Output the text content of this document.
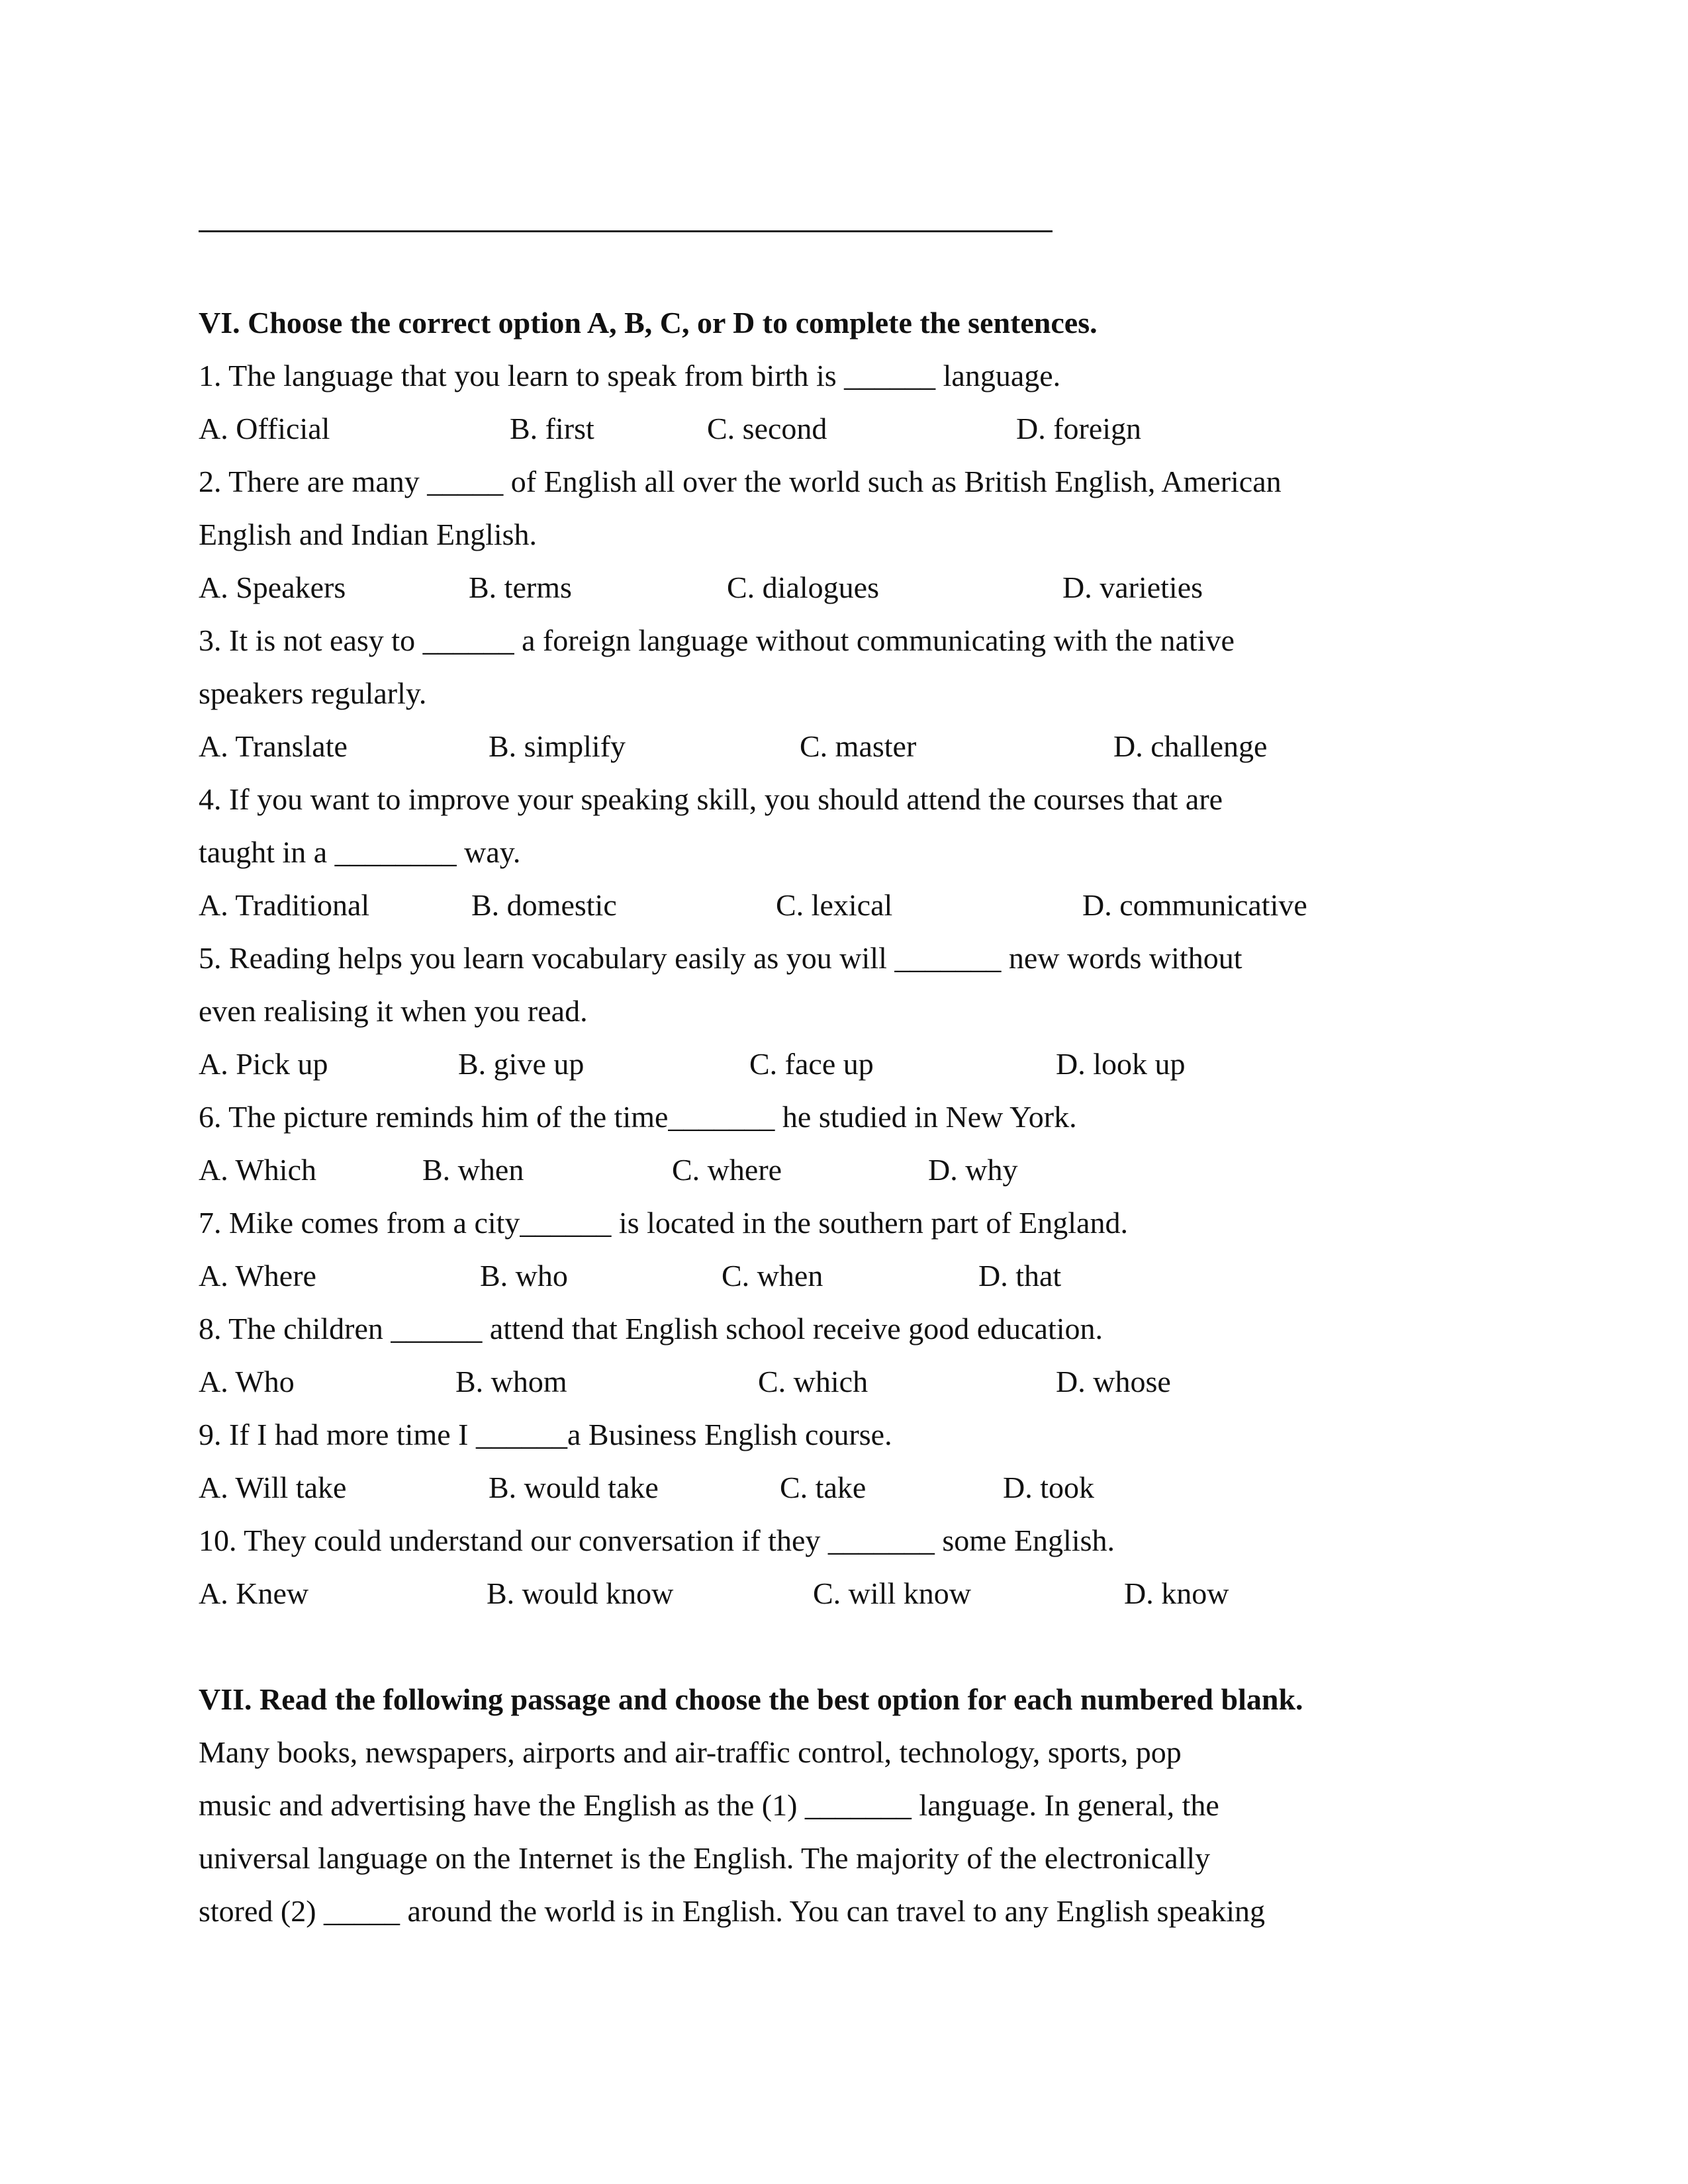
VI. Choose the correct option A, B, C, or D to complete the sentences.
1. The language that you learn to speak from birth is ______ language.
A. Official	B. first	C. second	D. foreign
2. There are many _____ of English all over the world such as British English, American
English and Indian English.
A. Speakers	B. terms	C. dialogues	D. varieties
3. It is not easy to ______ a foreign language without communicating with the native
speakers regularly.
A. Translate	B. simplify	C. master	D. challenge
4. If you want to improve your speaking skill, you should attend the courses that are
taught in a ________ way.
A. Traditional	B. domestic	C. lexical	D. communicative
5. Reading helps you learn vocabulary easily as you will _______ new words without
even realising it when you read.
A. Pick up	B. give up	C. face up	D. look up
6. The picture reminds him of the time_______ he studied in New York.
A. Which	B. when	C. where	D. why
7. Mike comes from a city______ is located in the southern part of England.
A. Where	B. who	C. when	D. that
8. The children ______ attend that English school receive good education.
A. Who	B. whom	C. which	D. whose
9. If I had more time I ______a Business English course.
A. Will take	B. would take	C. take	D. took
10. They could understand our conversation if they _______ some English.
A. Knew	B. would know	C. will know	D. know
VII. Read the following passage and choose the best option for each numbered blank.
Many books, newspapers, airports and air-traffic control, technology, sports, pop
music and advertising have the English as the (1) _______ language. In general, the
universal language on the Internet is the English. The majority of the electronically
stored (2) _____ around the world is in English. You can travel to any English speaking
